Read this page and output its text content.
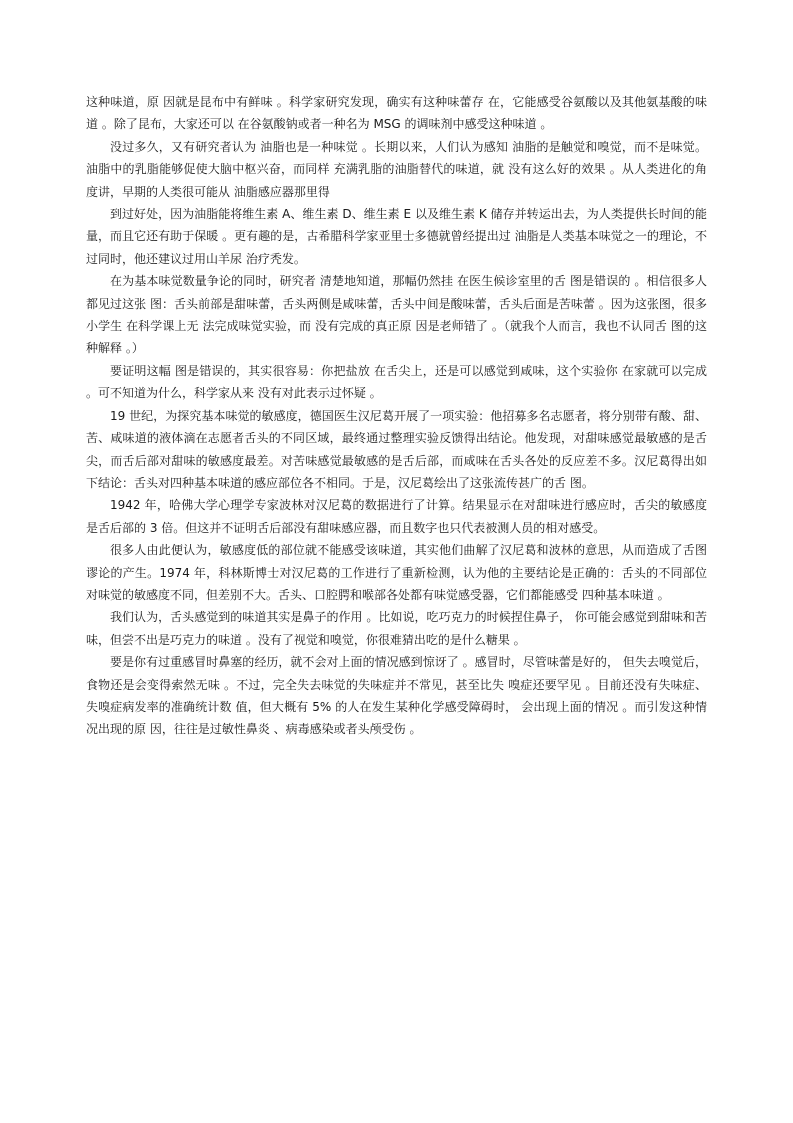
这种味道，原 因就是昆布中有鲜味 。科学家研究发现，确实有这种味蕾存 在，它能感受谷氨酸以及其他氨基酸的味道 。除了昆布，大家还可以 在谷氨酸钠或者一种名为 MSG 的调味剂中感受这种味道 。

没过多久，又有研究者认为 油脂也是一种味觉 。长期以来，人们认为感知 油脂的是触觉和嗅觉，而不是味觉。油脂中的乳脂能够促使大脑中枢兴奋，而同样 充满乳脂的油脂替代的味道，就 没有这么好的效果 。从人类进化的角度讲，早期的人类很可能从 油脂感应器那里得

到过好处，因为油脂能将维生素 A、维生素 D、维生素 E 以及维生素 K 储存并转运出去，为人类提供长时间的能量，而且它还有助于保暖 。更有趣的是，古希腊科学家亚里士多德就曾经提出过 油脂是人类基本味觉之一的理论，不过同时，他还建议过用山羊尿 治疗秃发。

在为基本味觉数量争论的同时，研究者 清楚地知道，那幅仍然挂 在医生候诊室里的舌 图是错误的 。相信很多人都见过这张 图：舌头前部是甜味蕾，舌头两侧是咸味蕾，舌头中间是酸味蕾，舌头后面是苦味蕾 。因为这张图，很多小学生 在科学课上无 法完成味觉实验，而 没有完成的真正原 因是老师错了 。（就我个人而言，我也不认同舌 图的这种解释 。）

要证明这幅 图是错误的，其实很容易：你把盐放 在舌尖上，还是可以感觉到咸味，这个实验你 在家就可以完成 。可不知道为什么，科学家从来 没有对此表示过怀疑 。

19 世纪，为探究基本味觉的敏感度，德国医生汉尼葛开展了一项实验：他招募多名志愿者，将分别带有酸、甜、苦、咸味道的液体滴在志愿者舌头的不同区域，最终通过整理实验反馈得出结论。他发现，对甜味感觉最敏感的是舌尖，而舌后部对甜味的敏感度最差。对苦味感觉最敏感的是舌后部，而咸味在舌头各处的反应差不多。汉尼葛得出如下结论：舌头对四种基本味道的感应部位各不相同。于是，汉尼葛绘出了这张流传甚广的舌 图。

1942 年，哈佛大学心理学专家波林对汉尼葛的数据进行了计算。结果显示在对甜味进行感应时，舌尖的敏感度是舌后部的 3 倍。但这并不证明舌后部没有甜味感应器，而且数字也只代表被测人员的相对感受。

很多人由此便认为，敏感度低的部位就不能感受该味道，其实他们曲解了汉尼葛和波林的意思，从而造成了舌图谬论的产生。1974 年，科林斯博士对汉尼葛的工作进行了重新检测，认为他的主要结论是正确的：舌头的不同部位对味觉的敏感度不同，但差别不大。舌头、口腔腭和喉部各处都有味觉感受器，它们都能感受 四种基本味道 。

我们认为，舌头感觉到的味道其实是鼻子的作用 。比如说，吃巧克力的时候捏住鼻子， 你可能会感觉到甜味和苦味，但尝不出是巧克力的味道 。没有了视觉和嗅觉，你很难猜出吃的是什么糖果 。

要是你有过重感冒时鼻塞的经历，就不会对上面的情况感到惊讶了 。感冒时，尽管味蕾是好的， 但失去嗅觉后，食物还是会变得索然无味 。不过，完全失去味觉的失味症并不常见，甚至比失 嗅症还要罕见 。目前还没有失味症、失嗅症病发率的准确统计数 值，但大概有 5% 的人在发生某种化学感受障碍时， 会出现上面的情况 。而引发这种情况出现的原 因，往往是过敏性鼻炎 、病毒感染或者头颅受伤 。
